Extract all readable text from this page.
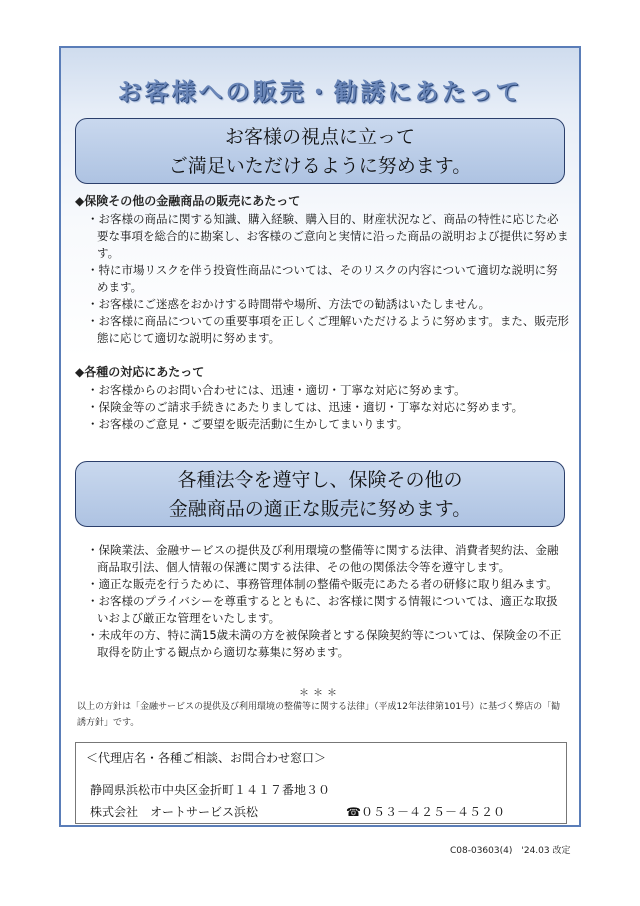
お客様への販売・勧誘にあたって
お客様の視点に立って
ご満足いただけるように努めます。
◆保険その他の金融商品の販売にあたって

・お客様の商品に関する知識、購入経験、購入目的、財産状況など、商品の特性に応じた必要な事項を総合的に勘案し、お客様のご意向と実情に沿った商品の説明および提供に努めます。

・特に市場リスクを伴う投資性商品については、そのリスクの内容について適切な説明に努めます。

・お客様にご迷惑をおかけする時間帯や場所、方法での勧誘はいたしません。

・お客様に商品についての重要事項を正しくご理解いただけるように努めます。また、販売形態に応じて適切な説明に努めます。

◆各種の対応にあたって

・お客様からのお問い合わせには、迅速・適切・丁寧な対応に努めます。

・保険金等のご請求手続きにあたりましては、迅速・適切・丁寧な対応に努めます。

・お客様のご意見・ご要望を販売活動に生かしてまいります。

各種法令を遵守し、保険その他の
金融商品の適正な販売に努めます。

・保険業法、金融サービスの提供及び利用環境の整備等に関する法律、消費者契約法、金融商品取引法、個人情報の保護に関する法律、その他の関係法令等を遵守します。

・適正な販売を行うために、事務管理体制の整備や販売にあたる者の研修に取り組みます。

・お客様のプライバシーを尊重するとともに、お客様に関する情報については、適正な取扱いおよび厳正な管理をいたします。

・未成年の方、特に満15歳未満の方を被保険者とする保険契約等については、保険金の不正取得を防止する観点から適切な募集に努めます。

＊＊＊
以上の方針は「金融サービスの提供及び利用環境の整備等に関する法律」（平成12年法律第101号）に基づく弊店の「勧誘方針」です。
＜代理店名・各種ご相談、お問合わせ窓口＞
静岡県浜松市中央区金折町１４１７番地３０
株式会社　オートサービス浜松	☎０５３－４２５－４５２０
C08-03603(4)　'24.03 改定
